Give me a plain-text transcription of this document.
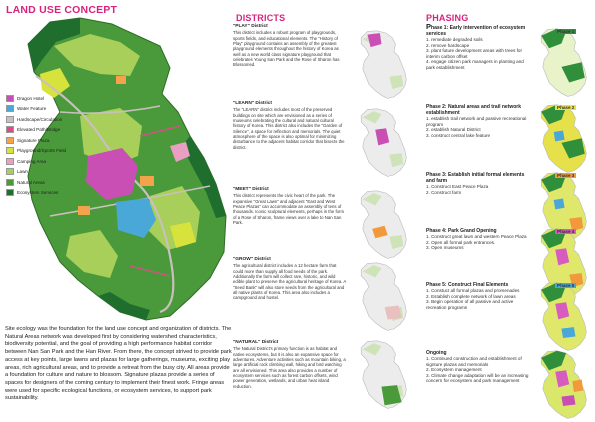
LAND USE CONCEPT
Dragon Hotel
Water Feature
Hardscape/Circulation
Elevated Path/Bridge
Signature Plaza
Playground/Sports Field
Camping Area
Lawn
Natural Areas
Ecosystem Services
Site ecology was the foundation for the land use concept and organization of districts. The Natural Areas network was developed first by considering watershed characteristics, biodiversity potential, and the goal of providing a high performance habitat corridor between Nan San Park and the Han River. From there, the concept strived to provide park access at key points, large lawns and plazas for large gatherings, museums, exciting play areas, rich agricultural areas, and to provide a retreat from the busy city. All areas provide a foundation for culture and nature to blossom. Signature plazas provide a series of spaces for designers of the coming century to implement their finest work. Fringe areas were used for specific ecological functions, or ecosystem services, to support park sustainability.
DISTRICTS
"PLAY" District
This district includes a robust program of playgrounds, sports fields, and educational elements. The "History of Play" playground contains an assembly of the greatest playground elements throughout the history of Korea as well as a new world class signature playground that celebrates Young San Park and the Rose of Sharon has Blossomed.
"LEARN" District
The "LEARN" district includes most of the preserved buildings on site which are envisioned as a series of museums celebrating the cultural and natural cultural history of Korea. This district also includes the "Garden of Silence", a space for reflection and memorials. The quiet atmosphere of the space is also optimal for minimizing disturbance to the adjacent habitat corridor that bisects the district.
"MEET" District
This district represents the civic heart of the park. The expansive "Great Lawn" and adjacent "East and West Peace Plazas" can accommodate an assembly of tens of thousands. Iconic sculptural elements, perhaps in the form of a Rose of Sharon, frame views over a lake to Nan San Park.
"GROW" District
The agricultural district includes a 12 hectare farm that could more than supply all food needs of the park. Additionally the farm will collect rare, historic, and wild edible plant to preserve the agricultural heritage of Korea. A "Seed Bank" will also store seeds from the agricultural and all native plants of Korea. This area also includes a campground and hostel.
"NATURAL" District
The Natural District's primary function is as habitat and native ecosystems, but it is also an expansive space for adventures. Adventure activities such as mountain biking, a large artificial rock climbing wall, hiking and bird watching are all envisioned. This area also provides a number of ecosystem services such as forest carbon offsets, wind power generation, wetlands, and urban heat island reduction.
PHASING
Phase 1: Early intervention of ecosystem services
1. remediate degraded soils
2. remove hardscape
3. plant future development areas with trees for interim carbon offset
4. engage citizen park managers in planting and park establishment
Phase 2: Natural areas and trail network establishment
1. establish trail network and passive recreational program
2. establish Natural District
3. construct central lake feature
Phase 3: Establish initial formal elements and farm
1. Construct East Peace Plaza
2. Construct farm
Phase 4: Park Grand Opening
1. Construct great lawn and western Peace Plaza
2. Open all formal park entrances.
3. Open museums
Phase 5: Construct Final Elements
1. Constuct all formal plazas and promenades
2. Establish complete network of lawn areas
3. Begin operation of all passive and active recreation programs
Ongoing
1. Continued construction and establishment of signture plazas and memorials
2. Ecosystem management
3. Climate change adaptation will be an increasing concern for ecosystem and park management
Phase 1
Phase 2
Phase 3
Phase 4
Phase 5
